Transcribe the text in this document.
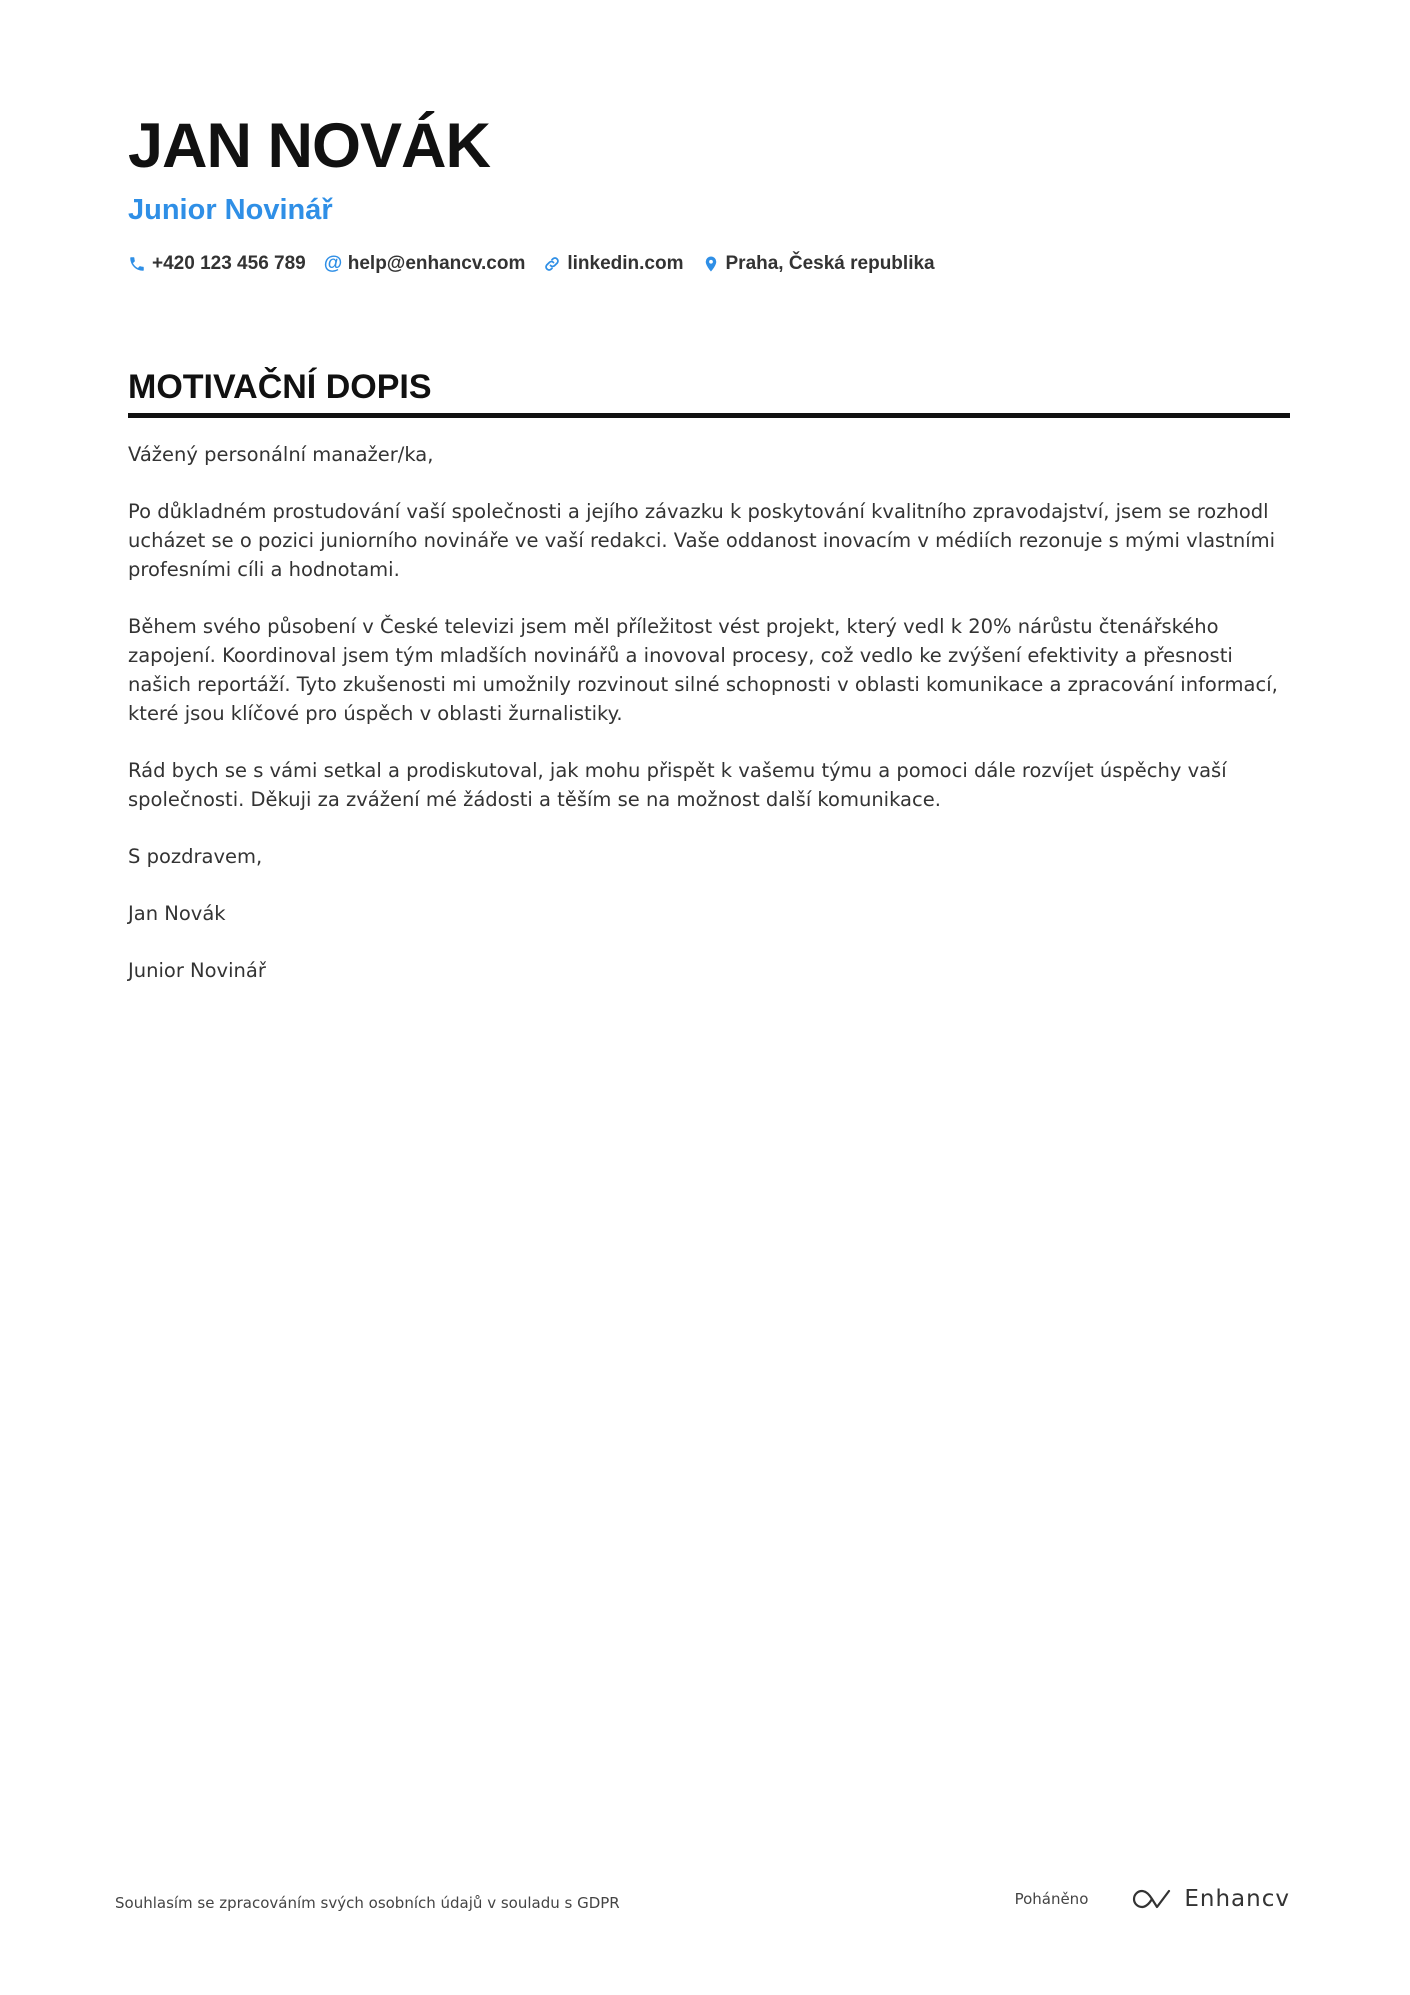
JAN NOVÁK
Junior Novinář
+420 123 456 789 @ help@enhancv.com linkedin.com Praha, Česká republika
MOTIVAČNÍ DOPIS

Vážený personální manažer/ka,

Po důkladném prostudování vaší společnosti a jejího závazku k poskytování kvalitního zpravodajství, jsem se rozhodl ucházet se o pozici juniorního novináře ve vaší redakci. Vaše oddanost inovacím v médiích rezonuje s mými vlastními profesními cíli a hodnotami.

Během svého působení v České televizi jsem měl příležitost vést projekt, který vedl k 20% nárůstu čtenářského zapojení. Koordinoval jsem tým mladších novinářů a inovoval procesy, což vedlo ke zvýšení efektivity a přesnosti našich reportáží. Tyto zkušenosti mi umožnily rozvinout silné schopnosti v oblasti komunikace a zpracování informací, které jsou klíčové pro úspěch v oblasti žurnalistiky.

Rád bych se s vámi setkal a prodiskutoval, jak mohu přispět k vašemu týmu a pomoci dále rozvíjet úspěchy vaší společnosti. Děkuji za zvážení mé žádosti a těším se na možnost další komunikace.

S pozdravem,

Jan Novák

Junior Novinář

Souhlasím se zpracováním svých osobních údajů v souladu s GDPR	Poháněno	Enhancv
